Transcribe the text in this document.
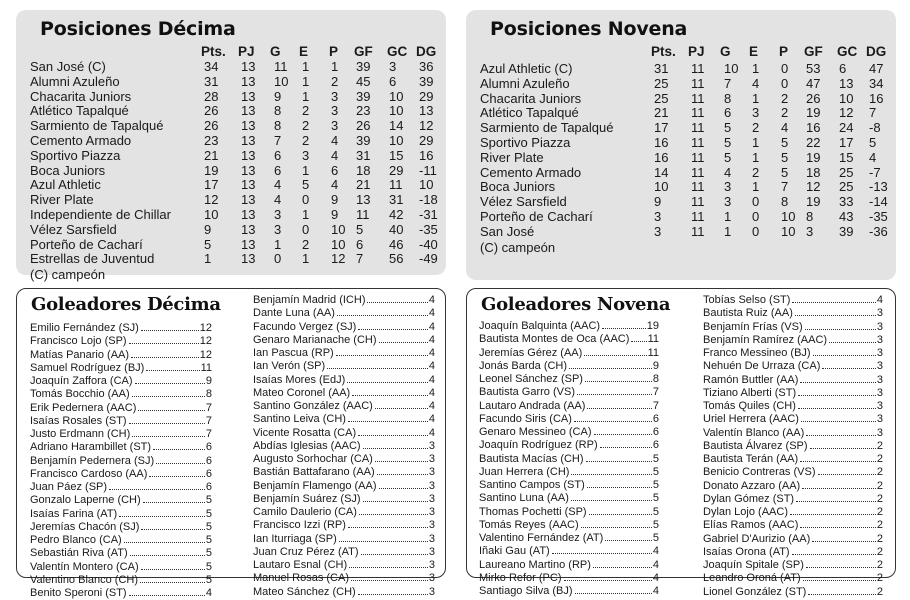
Posiciones Décima
Pts. PJ G E P GF GC DG
San José (C)	34 13 11 1 1 39 3 36
Alumni Azuleño	31 13 10 1 2 45 6 39
Chacarita Juniors	28 13 9 1 3 39 10 29
Atlético Tapalqué	26 13 8 2 3 23 10 13
Sarmiento de Tapalqué	26 13 8 2 3 26 14 12
Cemento Armado	23 13 7 2 4 39 10 29
Sportivo Piazza	21 13 6 3 4 31 15 16
Boca Juniors	19 13 6 1 6 18 29 -11
Azul Athletic	17 13 4 5 4 21 11 10
River Plate	12 13 4 0 9 13 31 -18
Independiente de Chillar	10 13 3 1 9 11 42 -31
Vélez Sarsfield	9 13 3 0 10 5 40 -35
Porteño de Cacharí	5 13 1 2 10 6 46 -40
Estrellas de Juventud	1 13 0 1 12 7 56 -49
(C) campeón
Posiciones Novena
Pts. PJ G E P GF GC DG
Azul Athletic (C)	31 11 10 1 0 53 6 47
Alumni Azuleño	25 11 7 4 0 47 13 34
Chacarita Juniors	25 11 8 1 2 26 10 16
Atlético Tapalqué	21 11 6 3 2 19 12 7
Sarmiento de Tapalqué	17 11 5 2 4 16 24 -8
Sportivo Piazza	16 11 5 1 5 22 17 5
River Plate	16 11 5 1 5 19 15 4
Cemento Armado	14 11 4 2 5 18 25 -7
Boca Juniors	10 11 3 1 7 12 25 -13
Vélez Sarsfield	9 11 3 0 8 19 33 -14
Porteño de Cacharí	3 11 1 0 10 8 43 -35
San José	3 11 1 0 10 3 39 -36
(C) campeón
Goleadores Décima
Emilio Fernández (SJ)	12
Francisco Lojo (SP)	12
Matías Panario (AA)	12
Samuel Rodríguez (BJ)	11
Joaquín Zaffora (CA)	9
Tomás Bocchio (AA)	8
Erik Pedernera (AAC)	7
Isaías Rosales (ST)	7
Justo Erdmann (CH)	7
Adriano Harambillet (ST)	6
Benjamín Pedernera (SJ)	6
Francisco Cardoso (AA)	6
Juan Páez (SP)	6
Gonzalo Laperne (CH)	5
Isaías Farina (AT)	5
Jeremías Chacón (SJ)	5
Pedro Blanco (CA)	5
Sebastián Riva (AT)	5
Valentín Montero (CA)	5
Valentino Blanco (CH)	5
Benito Speroni (ST)	4
Benjamín Madrid (ICH)	4
Dante Luna (AA)	4
Facundo Vergez (SJ)	4
Genaro Marianache (CH)	4
Ian Pascua (RP)	4
Ian Verón (SP)	4
Isaías Mores (EdJ)	4
Mateo Coronel (AA)	4
Santino González (AAC)	4
Santino Leiva (CH)	4
Vicente Rosatta (CA)	4
Abdías Iglesias (AAC)	3
Augusto Sorhochar (CA)	3
Bastián Battafarano (AA)	3
Benjamín Flamengo (AA)	3
Benjamín Suárez (SJ)	3
Camilo Daulerio (CA)	3
Francisco Izzi (RP)	3
Ian Iturriaga (SP)	3
Juan Cruz Pérez (AT)	3
Lautaro Esnal (CH)	3
Manuel Rosas (CA)	3
Mateo Sánchez (CH)	3
Goleadores Novena
Joaquín Balquinta (AAC)	19
Bautista Montes de Oca (AAC) 11
Jeremías Gérez (AA)	11
Jonás Barda (CH)	9
Leonel Sánchez (SP)	8
Bautista Garro (VS)	7
Lautaro Andrada (AA)	7
Facundo Siris (CA)	6
Genaro Messineo (CA)	6
Joaquín Rodríguez (RP)	6
Bautista Macías (CH)	5
Juan Herrera (CH)	5
Santino Campos (ST)	5
Santino Luna (AA)	5
Thomas Pochetti (SP)	5
Tomás Reyes (AAC)	5
Valentino Fernández (AT)	5
Iñaki Gau (AT)	4
Laureano Martino (RP)	4
Mirko Refor (PC)	4
Santiago Silva (BJ)	4
Tobías Selso (ST)	4
Bautista Ruiz (AA)	3
Benjamín Frías (VS)	3
Benjamín Ramírez (AAC)	3
Franco Messineo (BJ)	3
Nehuén De Urraza (CA)	3
Ramón Buttler (AA)	3
Tiziano Alberti (ST)	3
Tomás Quiles (CH)	3
Uriel Herrera (AAC)	3
Valentín Blanco (AA)	3
Bautista Álvarez (SP)	2
Bautista Terán (AA)	2
Benicio Contreras (VS)	2
Donato Azzaro (AA)	2
Dylan Gómez (ST)	2
Dylan Lojo (AAC)	2
Elías Ramos (AAC)	2
Gabriel D'Aurizio (AA)	2
Isaías Orona (AT)	2
Joaquín Spitale (SP)	2
Leandro Oroná (AT)	2
Lionel González (ST)	2
